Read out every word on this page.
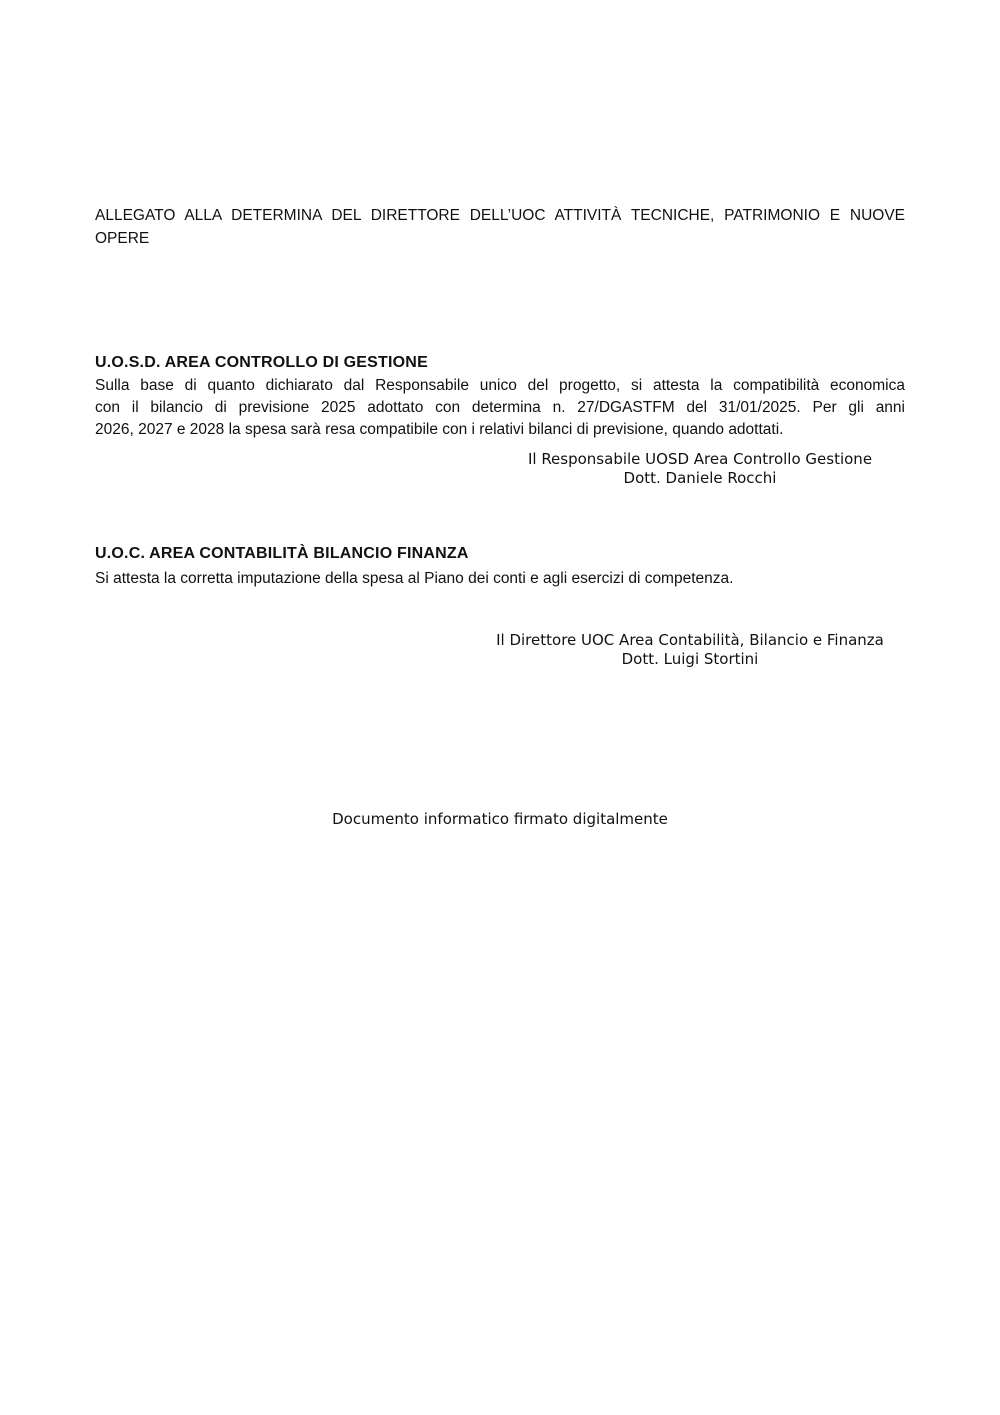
ALLEGATO ALLA DETERMINA DEL DIRETTORE DELL’UOC ATTIVITÀ TECNICHE, PATRIMONIO E NUOVE
OPERE
U.O.S.D. AREA CONTROLLO DI GESTIONE
Sulla base di quanto dichiarato dal Responsabile unico del progetto, si attesta la compatibilità economica
con il bilancio di previsione 2025 adottato con determina n. 27/DGASTFM del 31/01/2025. Per gli anni
2026, 2027 e 2028 la spesa sarà resa compatibile con i relativi bilanci di previsione, quando adottati.
Il Responsabile UOSD Area Controllo Gestione
Dott. Daniele Rocchi
U.O.C. AREA CONTABILITÀ BILANCIO FINANZA
Si attesta la corretta imputazione della spesa al Piano dei conti e agli esercizi di competenza.
Il Direttore UOC Area Contabilità, Bilancio e Finanza
Dott. Luigi Stortini
Documento informatico firmato digitalmente
